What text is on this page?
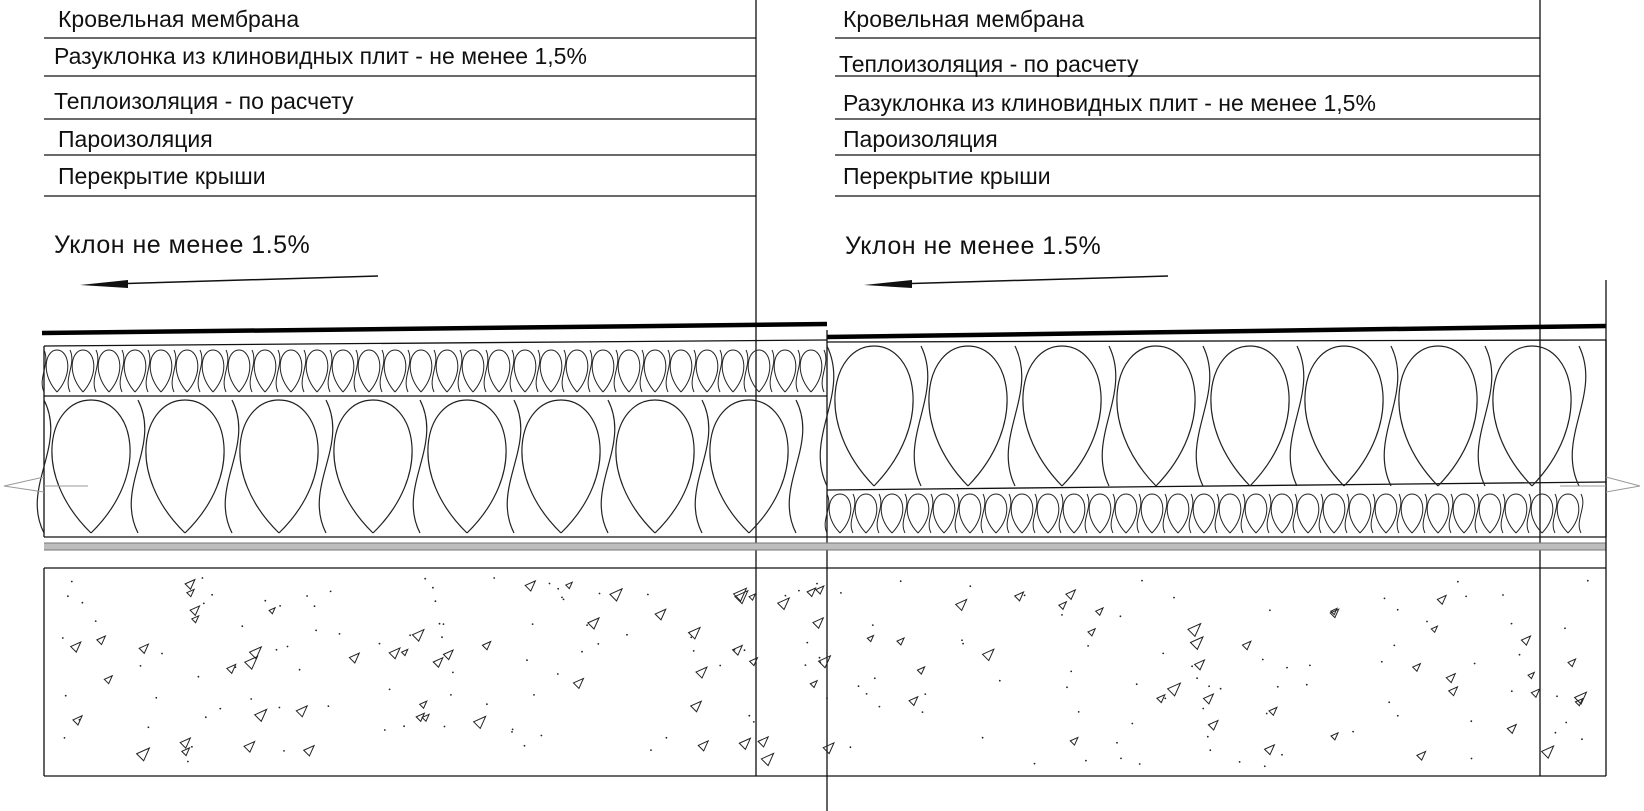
Кровельная мембрана
Разуклонка из клиновидных плит - не менее 1,5%
Теплоизоляция - по расчету
Пароизоляция
Перекрытие крыши
Уклон не менее 1.5%
Кровельная мембрана
Теплоизоляция - по расчету
Разуклонка из клиновидных плит - не менее 1,5%
Пароизоляция
Перекрытие крыши
Уклон не менее 1.5%
